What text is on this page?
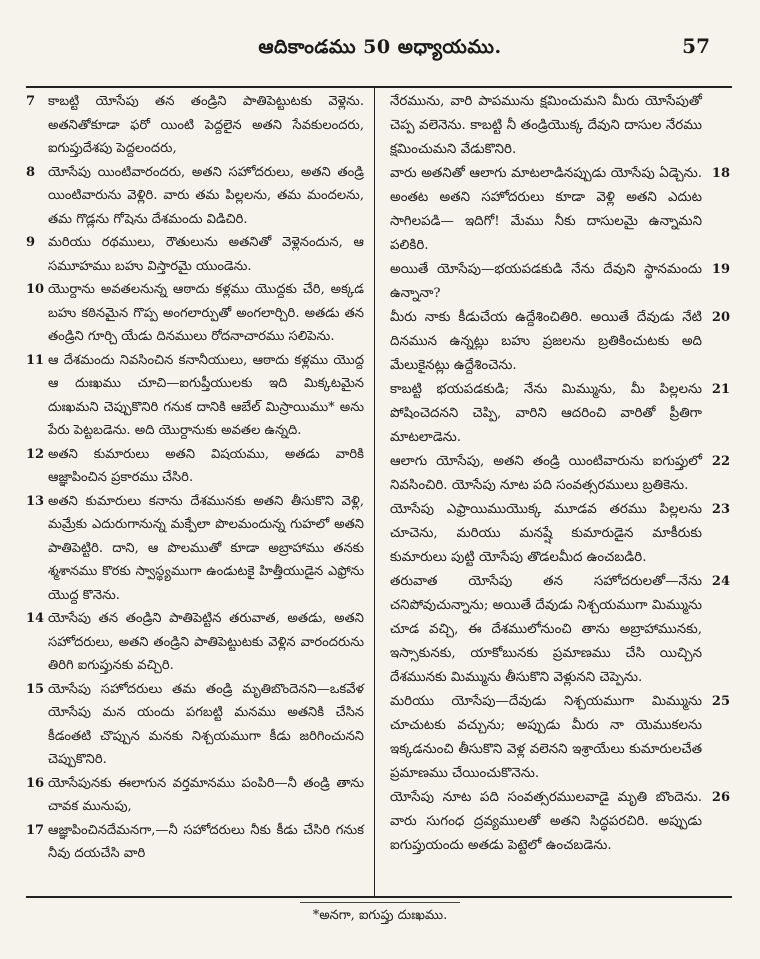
ఆదికాండము 50 అధ్యాయము.	57
7 కాబట్టి యోసేపు తన తండ్రిని పాతిపెట్టుటకు వెళ్లెను. అతనితోకూడా ఫరో యింటి పెద్దలైన అతని సేవకులందరు, ఐగుప్తుదేశపు పెద్దలందరు,
8 యోసేపు యింటివారందరు, అతని సహోదరులు, అతని తండ్రి యింటివారును వెళ్లిరి. వారు తమ పిల్లలను, తమ మందలను, తమ గొడ్లను గోషెను దేశమందు విడిచిరి.
9 మరియు రథములు, రౌతులును అతనితో వెళ్లెనందున, ఆ సమూహము బహు విస్తారమై యుండెను.
10 యొర్దాను అవతలనున్న ఆఠాదు కళ్లము యొద్దకు చేరి, అక్కడ బహు కఠినమైన గొప్ప అంగలార్పుతో అంగలార్చిరి. అతడు తన తండ్రిని గూర్చి యేడు దినములు రోదనాచారము సలిపెను.
11 ఆ దేశమందు నివసించిన కనానీయులు, ఆఠాదు కళ్లము యొద్ద ఆ దుఃఖము చూచి—ఐగుప్తీయులకు ఇది మిక్కటమైన దుఃఖమని చెప్పుకొనిరి గనుక దానికి ఆబేల్ మిస్రాయిము* అను పేరు పెట్టబడెను. అది యొర్దానుకు అవతల ఉన్నది.
12 అతని కుమారులు అతని విషయము, అతడు వారికి ఆజ్ఞాపించిన ప్రకారము చేసిరి.
13 అతని కుమారులు కనాను దేశమునకు అతని తీసుకొని వెళ్లి, మమ్రేకు ఎదురుగానున్న మక్పేలా పొలమందున్న గుహలో అతని పాతిపెట్టిరి. దాని, ఆ పొలముతో కూడా అబ్రాహాము తనకు శ్మశానము కొరకు స్వాస్థ్యముగా ఉండుటకై హిత్తీయుడైన ఎఫ్రోను యొద్ద కొనెను.
14 యోసేపు తన తండ్రిని పాతిపెట్టిన తరువాత, అతడు, అతని సహోదరులు, అతని తండ్రిని పాతిపెట్టుటకు వెళ్లిన వారందరును తిరిగి ఐగుప్తునకు వచ్చిరి.
15 యోసేపు సహోదరులు తమ తండ్రి మృతిబొందెనని—ఒకవేళ యోసేపు మన యందు పగబట్టి మనము అతనికి చేసిన కీడంతటి చొప్పున మనకు నిశ్చయముగా కీడు జరిగించునని చెప్పుకొనిరి.
16 యోసేపునకు ఈలాగున వర్తమానము పంపిరి—నీ తండ్రి తాను చావక మునుపు,
17 ఆజ్ఞాపించినదేమనగా,—నీ సహోదరులు నీకు కీడు చేసిరి గనుక నీవు దయచేసి వారి
నేరమును, వారి పాపమును క్షమించుమని మీరు యోసేపుతో చెప్ప వలెనెను. కాబట్టి నీ తండ్రియొక్క దేవుని దాసుల నేరము క్షమించుమని వేడుకొనిరి.
18
వారు అతనితో ఆలాగు మాటలాడినప్పుడు యోసేపు ఏడ్చెను. అంతట అతని సహోదరులు కూడా వెళ్లి అతని ఎదుట సాగిలపడి— ఇదిగో! మేము నీకు దాసులమై ఉన్నామని పలికిరి.
19
అయితే యోసేపు—భయపడకుడి నేను దేవుని స్థానమందు ఉన్నానా?
20
మీరు నాకు కీడుచేయ ఉద్దేశించితిరి. అయితే దేవుడు నేటి దినమున ఉన్నట్లు బహు ప్రజలను బ్రతికించుటకు అది మేలుకైనట్లు ఉద్దేశించెను.
21
కాబట్టి భయపడకుడి; నేను మిమ్మును, మీ పిల్లలను పోషించెదనని చెప్పి, వారిని ఆదరించి వారితో ప్రీతిగా మాటలాడెను.
22
ఆలాగు యోసేపు, అతని తండ్రి యింటివారును ఐగుప్తులో నివసించిరి. యోసేపు నూట పది సంవత్సరములు బ్రతికెను.
23
యోసేపు ఎఫ్రాయిముయొక్క మూడవ తరము పిల్లలను చూచెను, మరియు మనష్షే కుమారుడైన మాకీరుకు కుమారులు పుట్టి యోసేపు తొడలమీద ఉంచబడిరి.
24
తరువాత యోసేపు తన సహోదరులతో—నేను చనిపోవుచున్నాను; అయితే దేవుడు నిశ్చయముగా మిమ్మును చూడ వచ్చి, ఈ దేశములోనుంచి తాను అబ్రాహామునకు, ఇస్సాకునకు, యాకోబునకు ప్రమాణము చేసి యిచ్చిన దేశమునకు మిమ్మును తీసుకొని వెళ్లునని చెప్పెను.
25
మరియు యోసేపు—దేవుడు నిశ్చయముగా మిమ్మును చూచుటకు వచ్చును; అప్పుడు మీరు నా యెముకలను ఇక్కడనుంచి తీసుకొని వెళ్ల వలెనని ఇశ్రాయేలు కుమారులచేత ప్రమాణము చేయించుకొనెను.
26
యోసేపు నూట పది సంవత్సరములవాడై మృతి బొందెను. వారు సుగంధ ద్రవ్యములతో అతని సిద్ధపరచిరి. అప్పుడు ఐగుప్తుయందు అతడు పెట్టెలో ఉంచబడెను.
*అనగా, ఐగుప్తు దుఃఖము.
